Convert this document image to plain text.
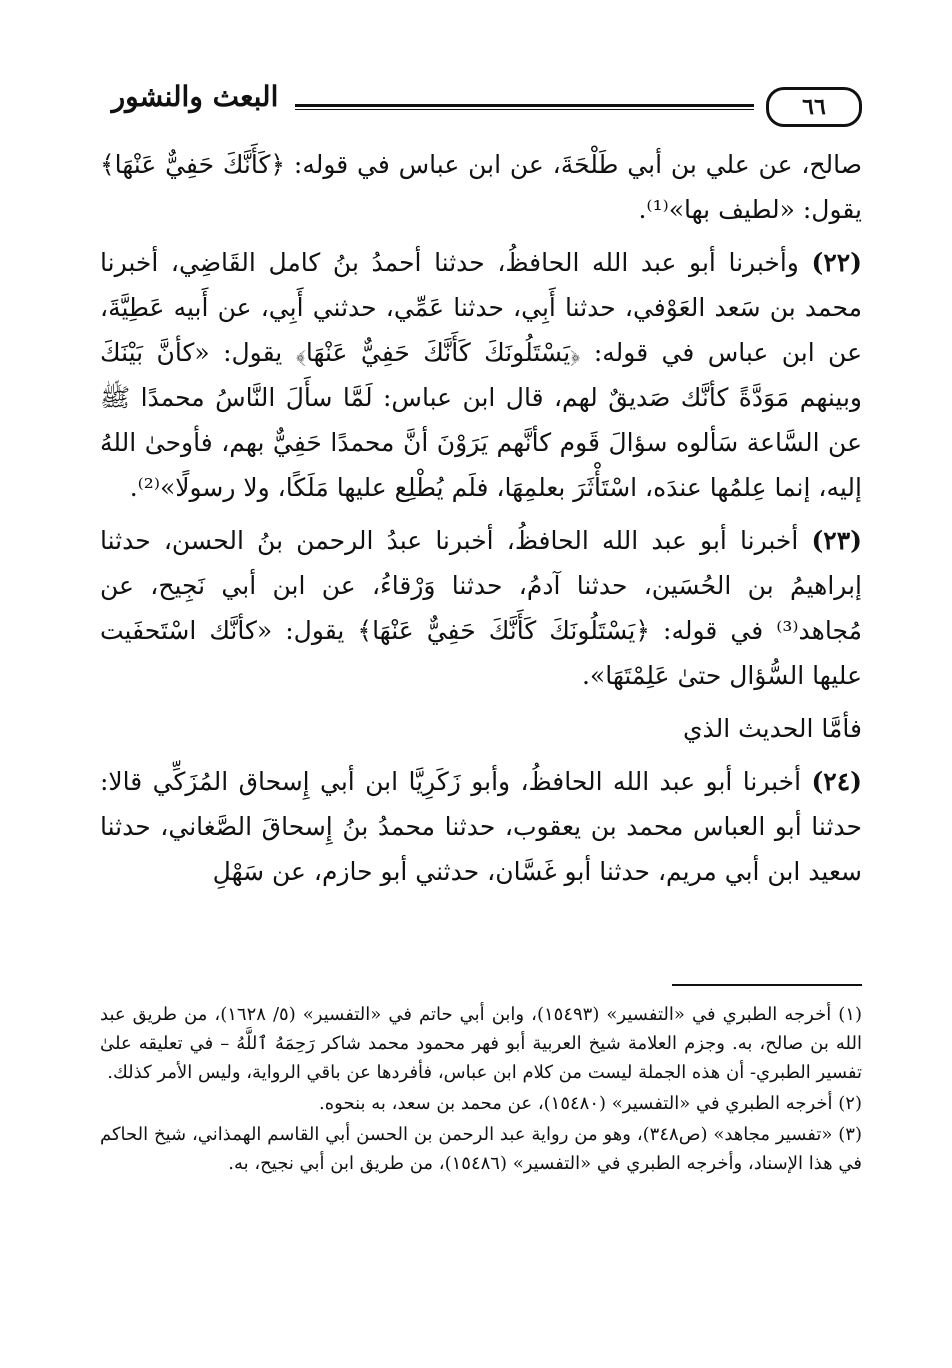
البعث والنشور	٦٦

صالح، عن علي بن أبي طَلْحَةَ، عن ابن عباس في قوله: ﴿كَأَنَّكَ حَفِيٌّ عَنْهَا﴾ يقول: «لطيف بها»⁽¹⁾.

(٢٢) وأخبرنا أبو عبد الله الحافظُ، حدثنا أحمدُ بنُ كامل القَاضِي، أخبرنا محمد بن سَعد العَوْفي، حدثنا أَبِي، حدثنا عَمِّي، حدثني أَبِي، عن أَبيه عَطِيَّةَ، عن ابن عباس في قوله: ﴿يَسْتَلُونَكَ كَأَنَّكَ حَفِيٌّ عَنْهَا﴾ يقول: «كأنَّ بَيْنَكَ وبينهم مَوَدَّةً كأنَّك صَديقٌ لهم، قال ابن عباس: لَمَّا سأَلَ النَّاسُ محمدًا ﷺ عن السَّاعة سَألوه سؤالَ قَوم كأنَّهم يَرَوْنَ أنَّ محمدًا حَفِيٌّ بهم، فأوحىٰ اللهُ إليه، إنما عِلمُها عندَه، اسْتَأْثَرَ بعلمِهَا، فلَم يُطْلِع عليها مَلَكًا، ولا رسولًا»⁽²⁾.

(٢٣) أخبرنا أبو عبد الله الحافظُ، أخبرنا عبدُ الرحمن بنُ الحسن، حدثنا إبراهيمُ بن الحُسَين، حدثنا آدمُ، حدثنا وَرْقاءُ، عن ابن أبي نَجِيح، عن مُجاهد⁽³⁾ في قوله: ﴿يَسْتَلُونَكَ كَأَنَّكَ حَفِيٌّ عَنْهَا﴾ يقول: «كأنَّك اسْتَحفَيت عليها السُّؤال حتىٰ عَلِمْتَهَا».

فأمَّا الحديث الذي

(٢٤) أخبرنا أبو عبد الله الحافظُ، وأبو زَكَرِيَّا ابن أبي إِسحاق المُزَكِّي قالا: حدثنا أبو العباس محمد بن يعقوب، حدثنا محمدُ بنُ إِسحاقَ الصَّغاني، حدثنا سعيد ابن أبي مريم، حدثنا أبو غَسَّان، حدثني أبو حازم، عن سَهْلِ

(١) أخرجه الطبري في «التفسير» (١٥٤٩٣)، وابن أبي حاتم في «التفسير» (٥/ ١٦٢٨)، من طريق عبد الله بن صالح، به. وجزم العلامة شيخ العربية أبو فهر محمود محمد شاكر رَحِمَهُ ٱللَّهُ – في تعليقه علىٰ تفسير الطبري- أن هذه الجملة ليست من كلام ابن عباس، فأفردها عن باقي الرواية، وليس الأمر كذلك.

(٢) أخرجه الطبري في «التفسير» (١٥٤٨٠)، عن محمد بن سعد، به بنحوه.

(٣) «تفسير مجاهد» (ص٣٤٨)، وهو من رواية عبد الرحمن بن الحسن أبي القاسم الهمذاني، شيخ الحاكم في هذا الإسناد، وأخرجه الطبري في «التفسير» (١٥٤٨٦)، من طريق ابن أبي نجيح، به.
